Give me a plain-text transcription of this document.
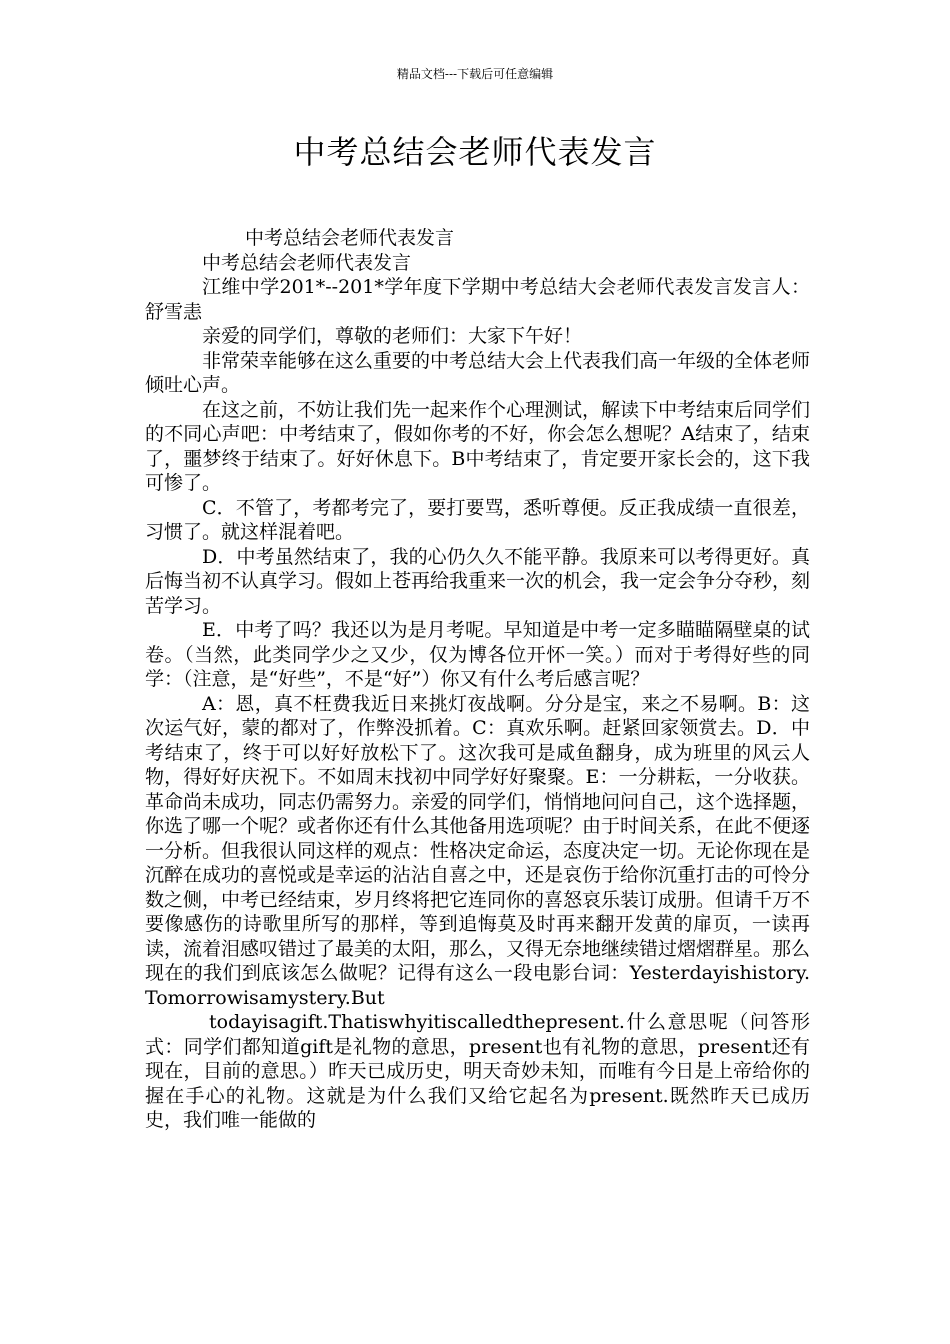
精品文档---下载后可任意编辑
中考总结会老师代表发言

中考总结会老师代表发言

中考总结会老师代表发言

江维中学201*--201*学年度下学期中考总结大会老师代表发言发言人：舒雪恚

亲爱的同学们，尊敬的老师们：大家下午好！

非常荣幸能够在这么重要的中考总结大会上代表我们高一年级的全体老师倾吐心声。

在这之前，不妨让我们先一起来作个心理测试，解读下中考结束后同学们的不同心声吧：中考结束了，假如你考的不好，你会怎么想呢？A结束了，结束了，噩梦终于结束了。好好休息下。B中考结束了，肯定要开家长会的，这下我可惨了。

C．不管了，考都考完了，要打要骂，悉听尊便。反正我成绩一直很差，习惯了。就这样混着吧。

D．中考虽然结束了，我的心仍久久不能平静。我原来可以考得更好。真后悔当初不认真学习。假如上苍再给我重来一次的机会，我一定会争分夺秒，刻苦学习。

E．中考了吗？我还以为是月考呢。早知道是中考一定多瞄瞄隔壁桌的试卷。（当然，此类同学少之又少，仅为博各位开怀一笑。）而对于考得好些的同学：（注意，是“好些”，不是“好”）你又有什么考后感言呢？

A：恩，真不枉费我近日来挑灯夜战啊。分分是宝，来之不易啊。B：这次运气好，蒙的都对了，作弊没抓着。C：真欢乐啊。赶紧回家领赏去。D．中考结束了，终于可以好好放松下了。这次我可是咸鱼翻身，成为班里的风云人物，得好好庆祝下。不如周末找初中同学好好聚聚。E：一分耕耘，一分收获。革命尚未成功，同志仍需努力。亲爱的同学们，悄悄地问问自己，这个选择题，你选了哪一个呢？或者你还有什么其他备用选项呢？由于时间关系，在此不便逐一分析。但我很认同这样的观点：性格决定命运，态度决定一切。无论你现在是沉醉在成功的喜悦或是幸运的沾沾自喜之中，还是哀伤于给你沉重打击的可怜分数之侧，中考已经结束，岁月终将把它连同你的喜怒哀乐装订成册。但请千万不要像感伤的诗歌里所写的那样，等到追悔莫及时再来翻开发黄的扉页，一读再读，流着泪感叹错过了最美的太阳，那么，又得无奈地继续错过熠熠群星。那么现在的我们到底该怎么做呢？记得有这么一段电影台词：Yesterdayishistory.Tomorrowisamystery.But

todayisagift.Thatiswhyitiscalledthepresent.什么意思呢（问答形式：同学们都知道gift是礼物的意思，present也有礼物的意思，present还有现在，目前的意思。）昨天已成历史，明天奇妙未知，而唯有今日是上帝给你的握在手心的礼物。这就是为什么我们又给它起名为present.既然昨天已成历史，我们唯一能做的
